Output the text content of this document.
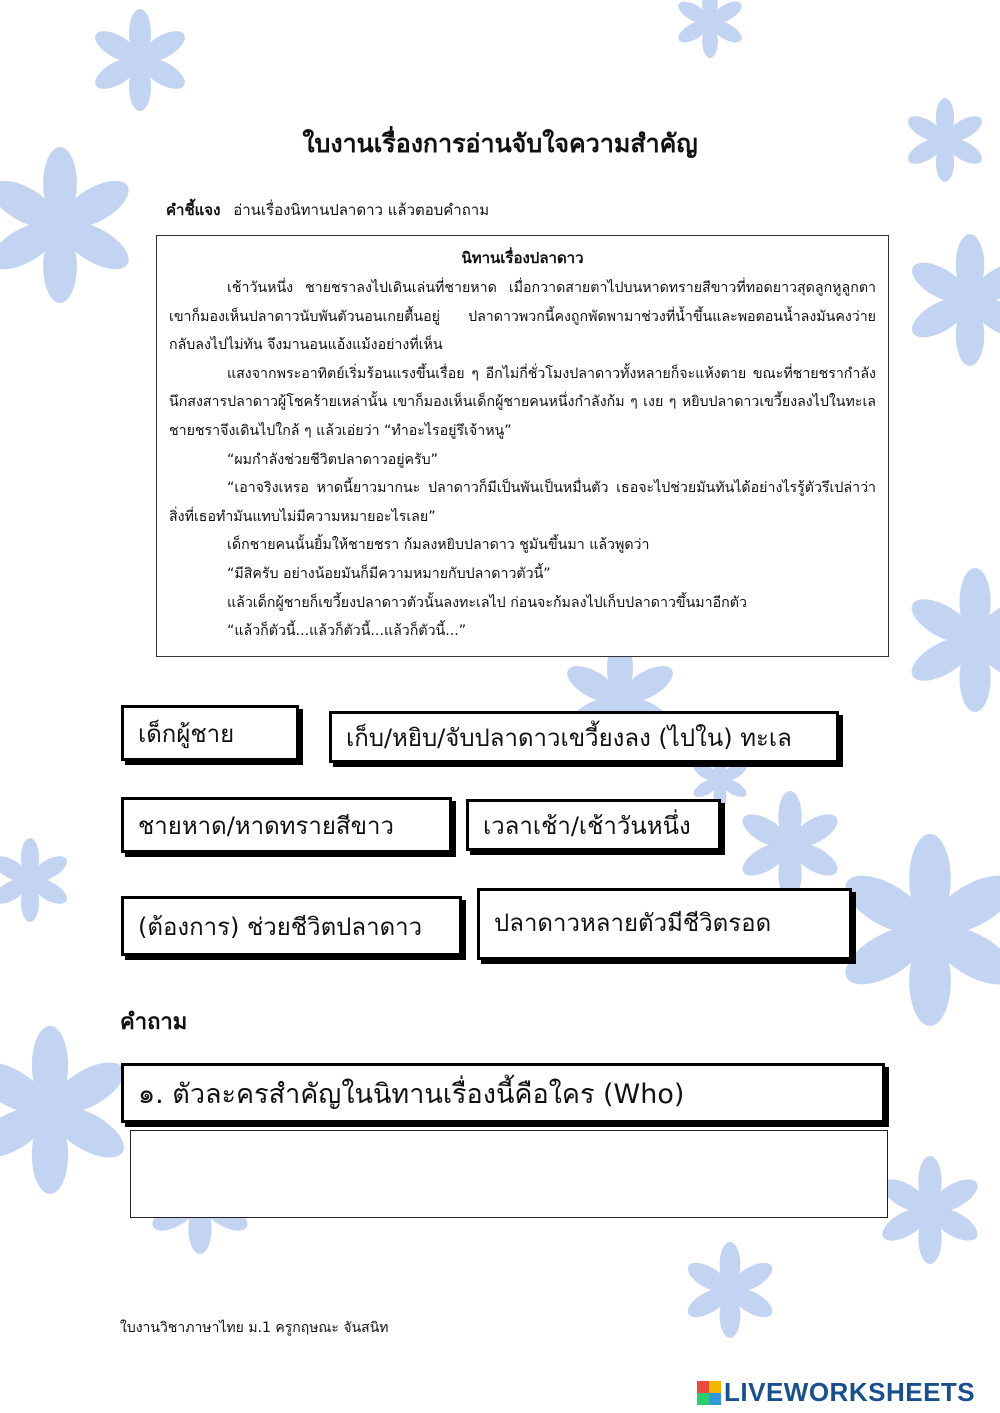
ใบงานเรื่องการอ่านจับใจความสำคัญ
คำชี้แจง อ่านเรื่องนิทานปลาดาว แล้วตอบคำถาม
นิทานเรื่องปลาดาว

เช้าวันหนึ่ง ชายชราลงไปเดินเล่นที่ชายหาด เมื่อกวาดสายตาไปบนหาดทรายสีขาวที่ทอดยาวสุดลูกหูลูกตา เขาก็มองเห็นปลาดาวนับพันตัวนอนเกยตื้นอยู่ ปลาดาวพวกนี้คงถูกพัดพามาช่วงที่น้ำขึ้นและพอตอนน้ำลงมันคงว่ายกลับลงไปไม่ทัน จึงมานอนแอ้งแม้งอย่างที่เห็น

แสงจากพระอาทิตย์เริ่มร้อนแรงขึ้นเรื่อย ๆ อีกไม่กี่ชั่วโมงปลาดาวทั้งหลายก็จะแห้งตาย ขณะที่ชายชรากำลังนึกสงสารปลาดาวผู้โชคร้ายเหล่านั้น เขาก็มองเห็นเด็กผู้ชายคนหนึ่งกำลังก้ม ๆ เงย ๆ หยิบปลาดาวเขวี้ยงลงไปในทะเล ชายชราจึงเดินไปใกล้ ๆ แล้วเอ่ยว่า “ทำอะไรอยู่รึเจ้าหนู”

“ผมกำลังช่วยชีวิตปลาดาวอยู่ครับ”

“เอาจริงเหรอ หาดนี้ยาวมากนะ ปลาดาวก็มีเป็นพันเป็นหมื่นตัว เธอจะไปช่วยมันทันได้อย่างไรรู้ตัวรึเปล่าว่าสิ่งที่เธอทำมันแทบไม่มีความหมายอะไรเลย”

เด็กชายคนนั้นยิ้มให้ชายชรา ก้มลงหยิบปลาดาว ชูมันขึ้นมา แล้วพูดว่า

“มีสิครับ อย่างน้อยมันก็มีความหมายกับปลาดาวตัวนี้”

แล้วเด็กผู้ชายก็เขวี้ยงปลาดาวตัวนั้นลงทะเลไป ก่อนจะก้มลงไปเก็บปลาดาวขึ้นมาอีกตัว

“แล้วก็ตัวนี้...แล้วก็ตัวนี้...แล้วก็ตัวนี้...”

เด็กผู้ชาย	เก็บ/หยิบ/จับปลาดาวเขวี้ยงลง (ไปใน) ทะเล
ชายหาด/หาดทรายสีขาว	เวลาเช้า/เช้าวันหนึ่ง
(ต้องการ) ช่วยชีวิตปลาดาว	ปลาดาวหลายตัวมีชีวิตรอด
คำถาม
๑. ตัวละครสำคัญในนิทานเรื่องนี้คือใคร (Who)
ใบงานวิชาภาษาไทย ม.1 ครูกฤษณะ จันสนิท
LIVEWORKSHEETS
